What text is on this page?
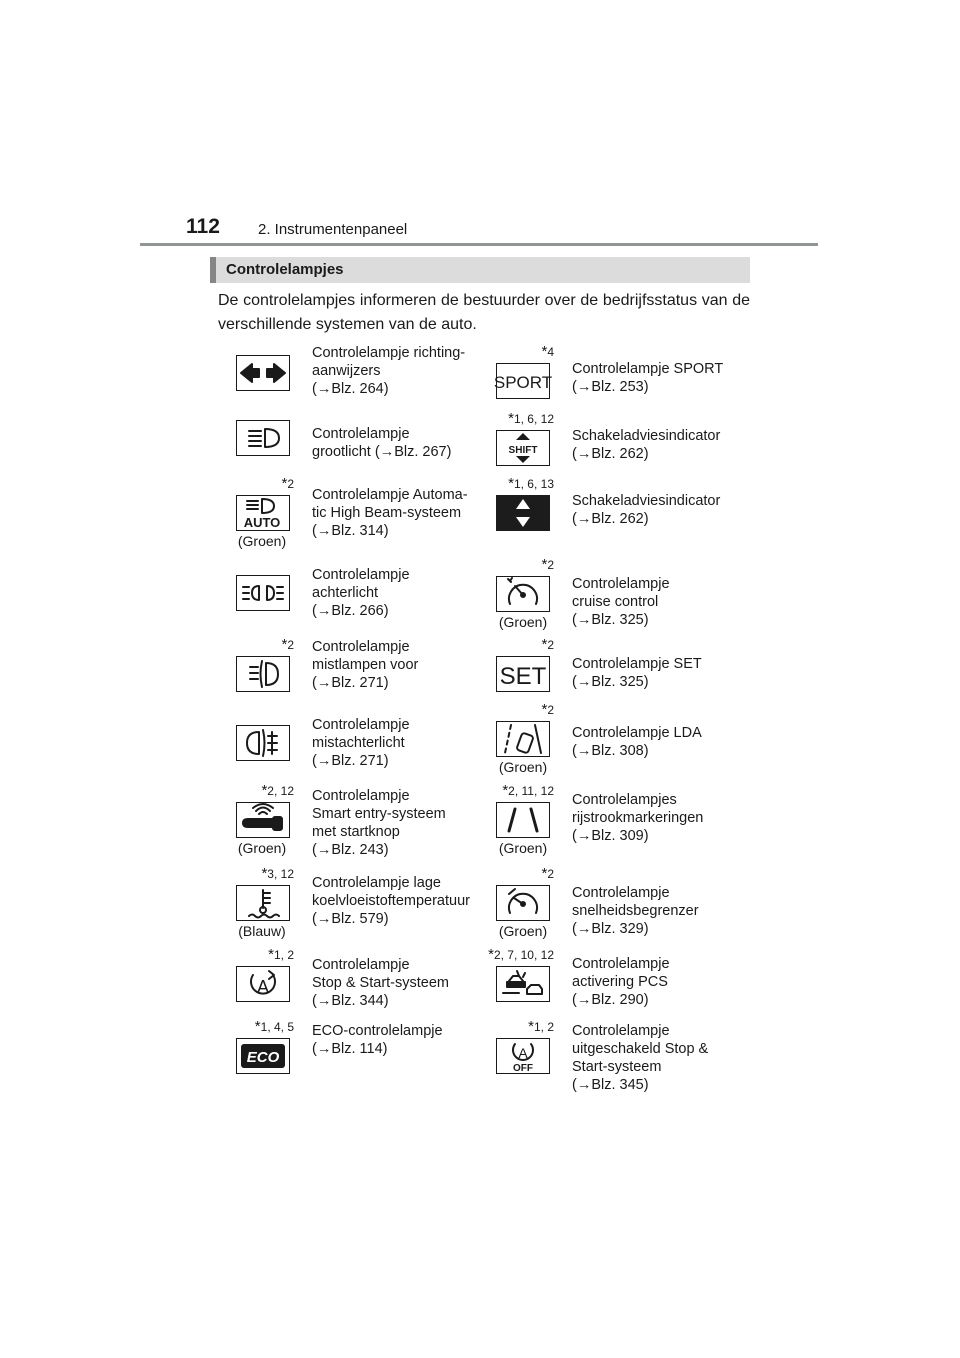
112	2. Instrumentenpaneel
Controlelampjes
De controlelampjes informeren de bestuurder over de bedrijfsstatus van de verschillende systemen van de auto.
Controlelampje richting-
aanwijzers
(→Blz. 264)
Controlelampje
grootlicht (→Blz. 267)
AUTO
*2
(Groen)
Controlelampje Automa-
tic High Beam-systeem
(→Blz. 314)
Controlelampje
achterlicht
(→Blz. 266)
*2 Controlelampje
mistlampen voor
(→Blz. 271)
Controlelampje
mistachterlicht
(→Blz. 271)
*2, 12
(Groen)
Controlelampje
Smart entry-systeem
met startknop
(→Blz. 243)
*3, 12
(Blauw)
Controlelampje lage
koelvloeistoftemperatuur
(→Blz. 579)
A
*1, 2
Controlelampje
Stop & Start-systeem
(→Blz. 344)
ECO
*1, 4, 5 ECO-controlelampje
(→Blz. 114)
SPORT
*4
Controlelampje SPORT
(→Blz. 253)
SHIFT
*1, 6, 12
Schakeladviesindicator
(→Blz. 262)
*1, 6, 13
Schakeladviesindicator
(→Blz. 262)
*2
(Groen)
Controlelampje
cruise control
(→Blz. 325)
SET
*2
Controlelampje SET
(→Blz. 325)
*2
(Groen)
Controlelampje LDA
(→Blz. 308)
*2, 11, 12
(Groen)
Controlelampjes
rijstrookmarkeringen
(→Blz. 309)
*2
(Groen)
Controlelampje
snelheidsbegrenzer
(→Blz. 329)
*2, 7, 10, 12
Controlelampje
activering PCS
(→Blz. 290)
A
OFF
*1, 2 Controlelampje
uitgeschakeld Stop &
Start-systeem
(→Blz. 345)
